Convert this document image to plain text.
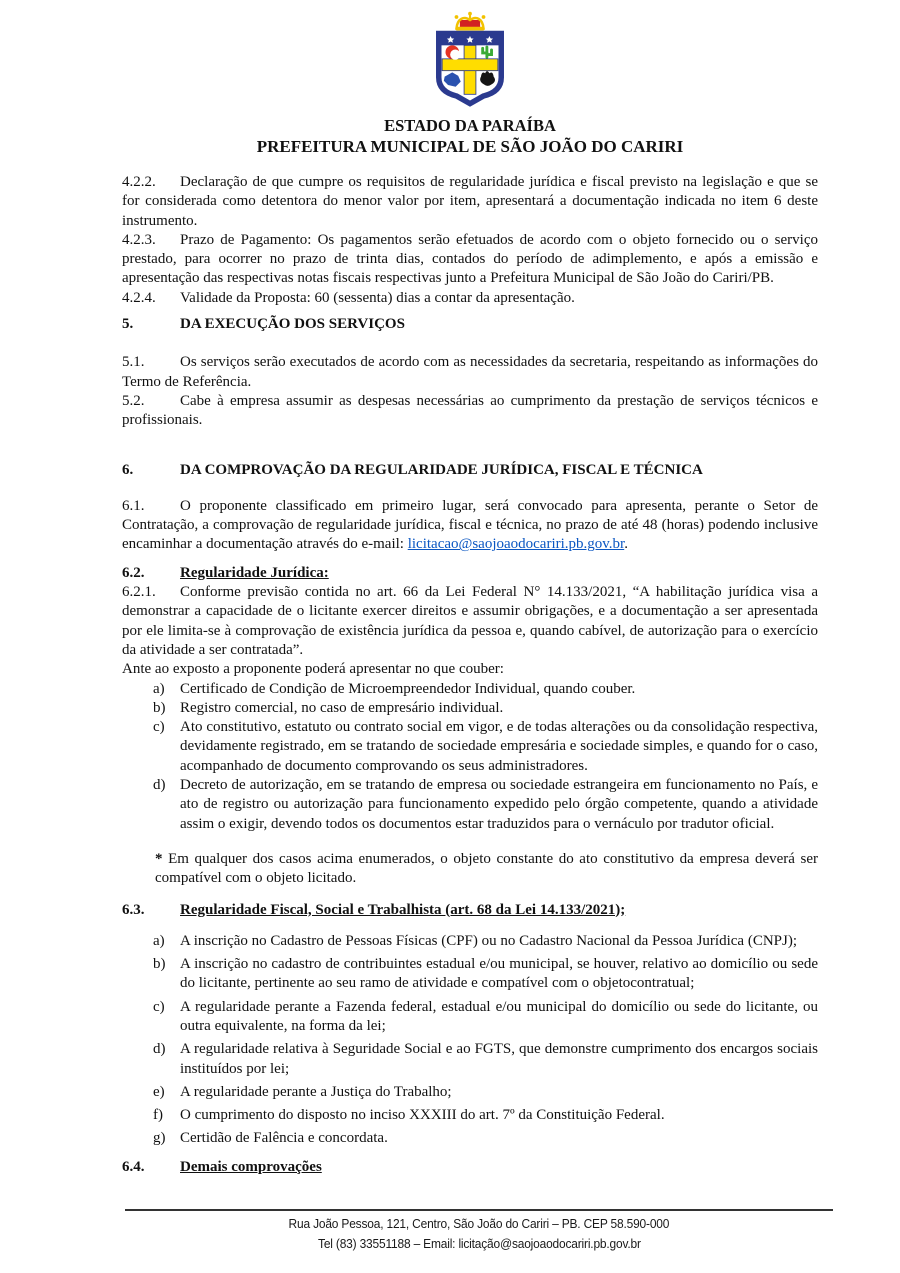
ESTADO DA PARAÍBA
PREFEITURA MUNICIPAL DE SÃO JOÃO DO CARIRI

4.2.2. Declaração de que cumpre os requisitos de regularidade jurídica e fiscal previsto na legislação e que se for considerada como detentora do menor valor por item, apresentará a documentação indicada no item 6 deste instrumento.

4.2.3. Prazo de Pagamento: Os pagamentos serão efetuados de acordo com o objeto fornecido ou o serviço prestado, para ocorrer no prazo de trinta dias, contados do período de adimplemento, e após a emissão e apresentação das respectivas notas fiscais respectivas junto a Prefeitura Municipal de São João do Cariri/PB.

4.2.4. Validade da Proposta: 60 (sessenta) dias a contar da apresentação.

5.	DA EXECUÇÃO DOS SERVIÇOS

5.1. Os serviços serão executados de acordo com as necessidades da secretaria, respeitando as informações do Termo de Referência.

5.2. Cabe à empresa assumir as despesas necessárias ao cumprimento da prestação de serviços técnicos e profissionais.

6.	DA COMPROVAÇÃO DA REGULARIDADE JURÍDICA, FISCAL E TÉCNICA

6.1. O proponente classificado em primeiro lugar, será convocado para apresenta, perante o Setor de Contratação, a comprovação de regularidade jurídica, fiscal e técnica, no prazo de até 48 (horas) podendo inclusive encaminhar a documentação através do e-mail: licitacao@saojoaodocariri.pb.gov.br.

6.2. Regularidade Jurídica:

6.2.1. Conforme previsão contida no art. 66 da Lei Federal N° 14.133/2021, “A habilitação jurídica visa a demonstrar a capacidade de o licitante exercer direitos e assumir obrigações, e a documentação a ser apresentada por ele limita-se à comprovação de existência jurídica da pessoa e, quando cabível, de autorização para o exercício da atividade a ser contratada”.

Ante ao exposto a proponente poderá apresentar no que couber:

a) Certificado de Condição de Microempreendedor Individual, quando couber.
b) Registro comercial, no caso de empresário individual.
c) Ato constitutivo, estatuto ou contrato social em vigor, e de todas alterações ou da consolidação respectiva, devidamente registrado, em se tratando de sociedade empresária e sociedade simples, e quando for o caso, acompanhado de documento comprovando os seus administradores.
d) Decreto de autorização, em se tratando de empresa ou sociedade estrangeira em funcionamento no País, e ato de registro ou autorização para funcionamento expedido pelo órgão competente, quando a atividade assim o exigir, devendo todos os documentos estar traduzidos para o vernáculo por tradutor oficial.

* Em qualquer dos casos acima enumerados, o objeto constante do ato constitutivo da empresa deverá ser compatível com o objeto licitado.

6.3. Regularidade Fiscal, Social e Trabalhista (art. 68 da Lei 14.133/2021);

a) A inscrição no Cadastro de Pessoas Físicas (CPF) ou no Cadastro Nacional da Pessoa Jurídica (CNPJ);
b) A inscrição no cadastro de contribuintes estadual e/ou municipal, se houver, relativo ao domicílio ou sede do licitante, pertinente ao seu ramo de atividade e compatível com o objetocontratual;
c) A regularidade perante a Fazenda federal, estadual e/ou municipal do domicílio ou sede do licitante, ou outra equivalente, na forma da lei;
d) A regularidade relativa à Seguridade Social e ao FGTS, que demonstre cumprimento dos encargos sociais instituídos por lei;
e) A regularidade perante a Justiça do Trabalho;
f) O cumprimento do disposto no inciso XXXIII do art. 7º da Constituição Federal.
g) Certidão de Falência e concordata.

6.4. Demais comprovações

Rua João Pessoa, 121, Centro, São João do Cariri – PB. CEP 58.590-000
Tel (83) 33551188 – Email: licitação@saojoaodocariri.pb.gov.br
